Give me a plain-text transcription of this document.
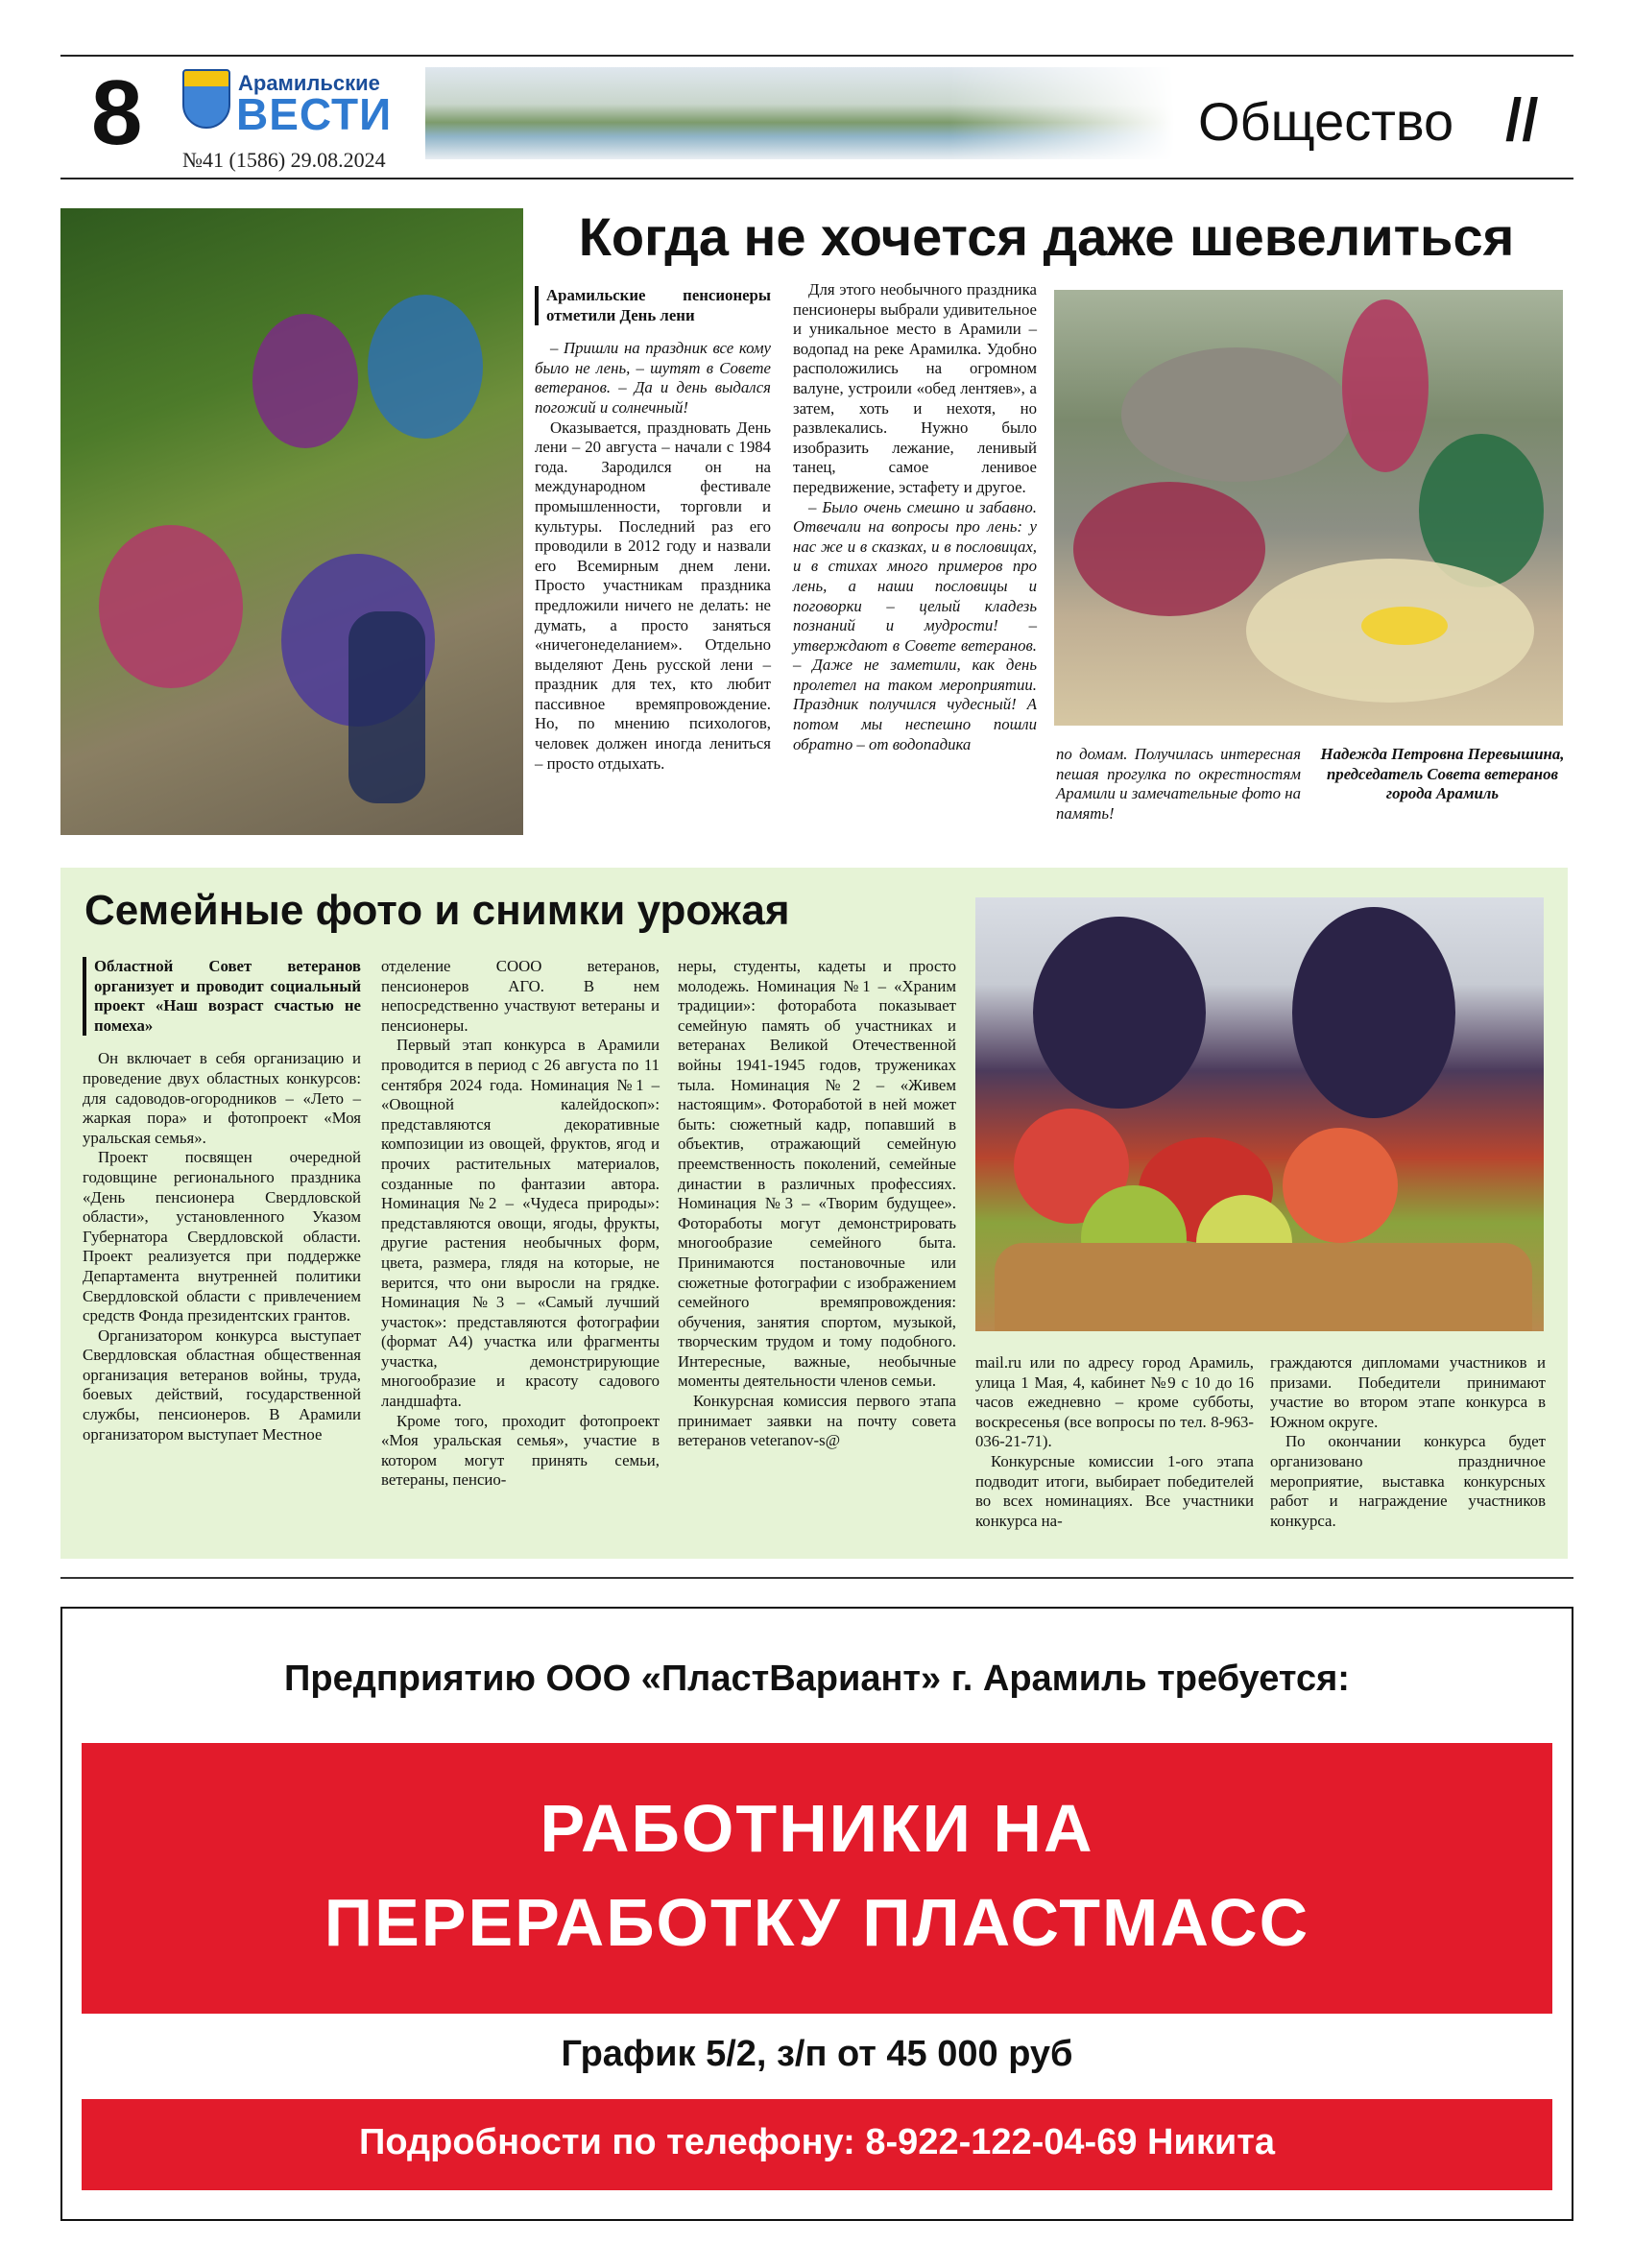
8	Арамильские
ВЕСТИ
№41 (1586) 29.08.2024
Общество //
Когда не хочется даже шевелиться

Арамильские пенсионеры отметили День лени

– Пришли на праздник все кому было не лень, – шутят в Совете ветеранов. – Да и день выдался погожий и солнечный!

Оказывается, праздновать День лени – 20 августа – начали с 1984 года. Зародился он на международном фестивале промышленности, торговли и культуры. Последний раз его проводили в 2012 году и назвали его Всемирным днем лени. Просто участникам праздника предложили ничего не делать: не думать, а просто заняться «ничегонеделанием». Отдельно выделяют День русской лени – праздник для тех, кто любит пассивное времяпровождение. Но, по мнению психологов, человек должен иногда лениться – просто отдыхать.

Для этого необычного праздника пенсионеры выбрали удивительное и уникальное место в Арамили – водопад на реке Арамилка. Удобно расположились на огромном валуне, устроили «обед лентяев», а затем, хоть и нехотя, но развлекались. Нужно было изобразить лежание, ленивый танец, самое ленивое передвижение, эстафету и другое.

– Было очень смешно и забавно. Отвечали на вопросы про лень: у нас же и в сказках, и в пословицах, и в стихах много примеров про лень, а наши пословицы и поговорки – целый кладезь познаний и мудрости! – утверждают в Совете ветеранов. – Даже не заметили, как день пролетел на таком мероприятии. Праздник получился чудесный! А потом мы неспешно пошли обратно – от водопадика

по домам. Получилась интересная пешая прогулка по окрестностям Арамили и замечательные фото на память!
Надежда Петровна Перевышина, председатель Совета ветеранов города Арамиль
Семейные фото и снимки урожая

Областной Совет ветеранов организует и проводит социальный проект «Наш возраст счастью не помеха»

Он включает в себя организацию и проведение двух областных конкурсов: для садоводов-огородников – «Лето – жаркая пора» и фотопроект «Моя уральская семья».

Проект посвящен очередной годовщине регионального праздника «День пенсионера Свердловской области», установленного Указом Губернатора Свердловской области. Проект реализуется при поддержке Департамента внутренней политики Свердловской области с привлечением средств Фонда президентских грантов.

Организатором конкурса выступает Свердловская областная общественная организация ветеранов войны, труда, боевых действий, государственной службы, пенсионеров. В Арамили организатором выступает Местное

отделение СООО ветеранов, пенсионеров АГО. В нем непосредственно участвуют ветераны и пенсионеры.

Первый этап конкурса в Арамили проводится в период с 26 августа по 11 сентября 2024 года. Номинация №1 – «Овощной калейдоскоп»: представляются декоративные композиции из овощей, фруктов, ягод и прочих растительных материалов, созданные по фантазии автора. Номинация №2 – «Чудеса природы»: представляются овощи, ягоды, фрукты, другие растения необычных форм, цвета, размера, глядя на которые, не верится, что они выросли на грядке. Номинация №3 – «Самый лучший участок»: представляются фотографии (формат А4) участка или фрагменты участка, демонстрирующие многообразие и красоту садового ландшафта.

Кроме того, проходит фотопроект «Моя уральская семья», участие в котором могут принять семьи, ветераны, пенсио-

неры, студенты, кадеты и просто молодежь. Номинация №1 – «Храним традиции»: фоторабота показывает семейную память об участниках и ветеранах Великой Отечественной войны 1941-1945 годов, тружениках тыла. Номинация №2 – «Живем настоящим». Фотоработой в ней может быть: сюжетный кадр, попавший в объектив, отражающий семейную преемственность поколений, семейные династии в различных профессиях. Номинация №3 – «Творим будущее». Фотоработы могут демонстрировать многообразие семейного быта. Принимаются постановочные или сюжетные фотографии с изображением семейного времяпровождения: обучения, занятия спортом, музыкой, творческим трудом и тому подобного. Интересные, важные, необычные моменты деятельности членов семьи.

Конкурсная комиссия первого этапа принимает заявки на почту совета ветеранов veteranov-s@

mail.ru или по адресу город Арамиль, улица 1 Мая, 4, кабинет №9 с 10 до 16 часов ежедневно – кроме субботы, воскресенья (все вопросы по тел. 8-963-036-21-71).

Конкурсные комиссии 1-ого этапа подводит итоги, выбирает победителей во всех номинациях. Все участники конкурса на-

граждаются дипломами участников и призами. Победители принимают участие во втором этапе конкурса в Южном округе.

По окончании конкурса будет организовано праздничное мероприятие, выставка конкурсных работ и награждение участников конкурса.

Предприятию ООО «ПластВариант» г. Арамиль требуется:
РАБОТНИКИ НА
ПЕРЕРАБОТКУ ПЛАСТМАСС
График 5/2, з/п от 45 000 руб
Подробности по телефону: 8-922-122-04-69 Никита
